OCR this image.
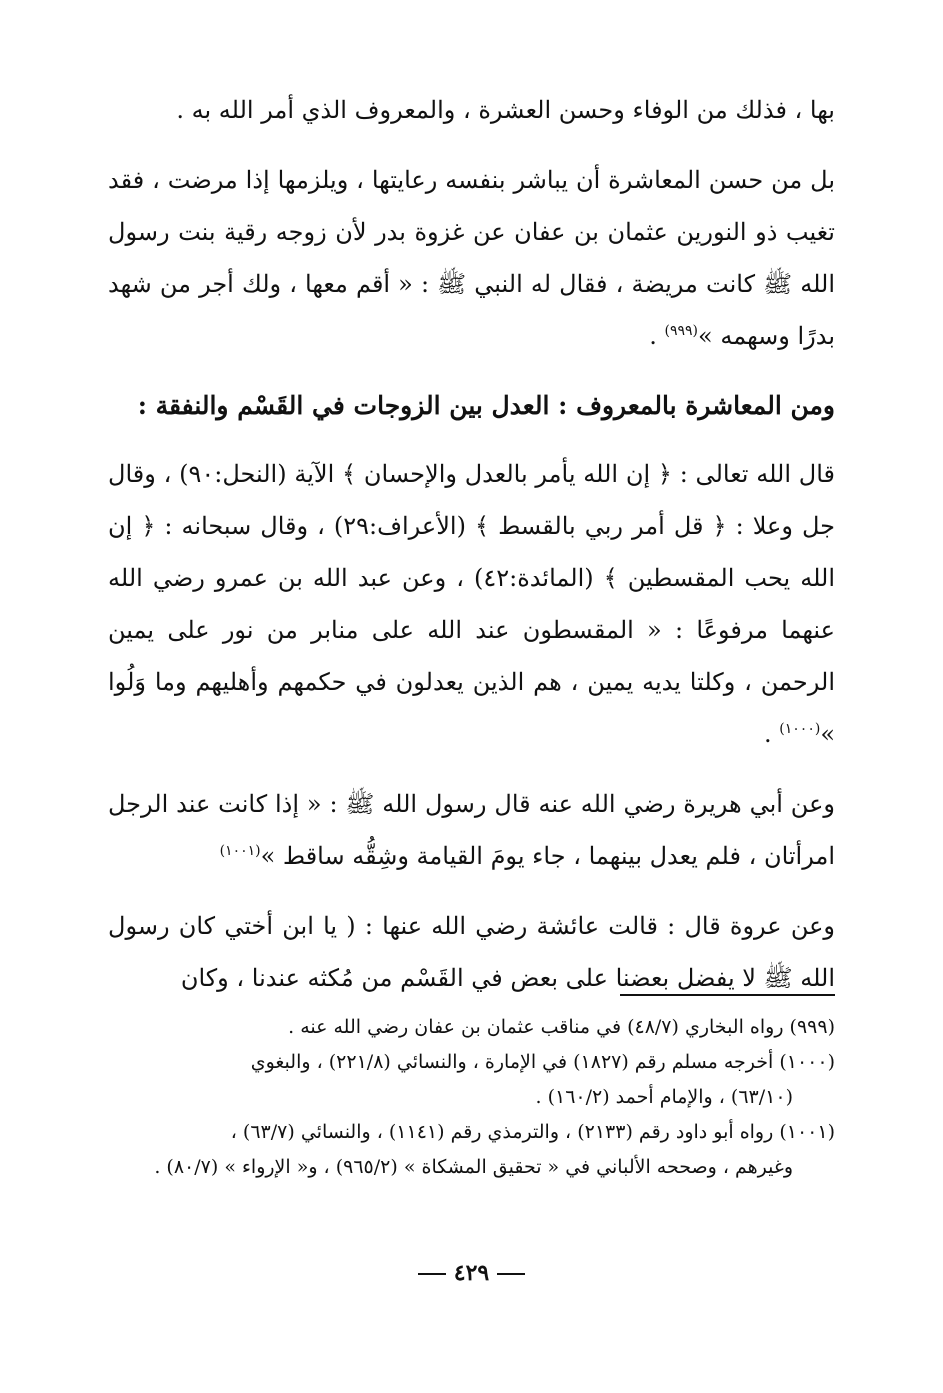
بها ، فذلك من الوفاء وحسن العشرة ، والمعروف الذي أمر الله به .

بل من حسن المعاشرة أن يباشر بنفسه رعايتها ، ويلزمها إذا مرضت ، فقد تغيب ذو النورين عثمان بن عفان عن غزوة بدر لأن زوجه رقية بنت رسول الله ﷺ كانت مريضة ، فقال له النبي ﷺ : « أقم معها ، ولك أجر من شهد بدرًا وسهمه »$^{(٩٩٩)}$ .

ومن المعاشرة بالمعروف : العدل بين الزوجات في القَسْم والنفقة :

قال الله تعالى : ﴿ إن الله يأمر بالعدل والإحسان ﴾ الآية (النحل:٩٠) ، وقال جل وعلا : ﴿ قل أمر ربي بالقسط ﴾ (الأعراف:٢٩) ، وقال سبحانه : ﴿ إن الله يحب المقسطين ﴾ (المائدة:٤٢) ، وعن عبد الله بن عمرو رضي الله عنهما مرفوعًا : « المقسطون عند الله على منابر من نور على يمين الرحمن ، وكلتا يديه يمين ، هم الذين يعدلون في حكمهم وأهليهم وما وَلُوا »$^{(١٠٠٠)}$ .

وعن أبي هريرة رضي الله عنه قال رسول الله ﷺ : « إذا كانت عند الرجل امرأتان ، فلم يعدل بينهما ، جاء يومَ القيامة وشِقُّه ساقط »$^{(١٠٠١)}$

وعن عروة قال : قالت عائشة رضي الله عنها : ( يا ابن أختي كان رسول الله ﷺ لا يفضل بعضنا على بعض في القَسْم من مُكثه عندنا ، وكان

(٩٩٩) رواه البخاري (٤٨/٧) في مناقب عثمان بن عفان رضي الله عنه .

(١٠٠٠) أخرجه مسلم رقم (١٨٢٧) في الإمارة ، والنسائي (٢٢١/٨) ، والبغوي
(٦٣/١٠) ، والإمام أحمد (١٦٠/٢) .

(١٠٠١) رواه أبو داود رقم (٢١٣٣) ، والترمذي رقم (١١٤١) ، والنسائي (٦٣/٧) ،
وغيرهم ، وصححه الألباني في « تحقيق المشكاة » (٩٦٥/٢) ، و« الإرواء » (٨٠/٧) .

٤٢٩
